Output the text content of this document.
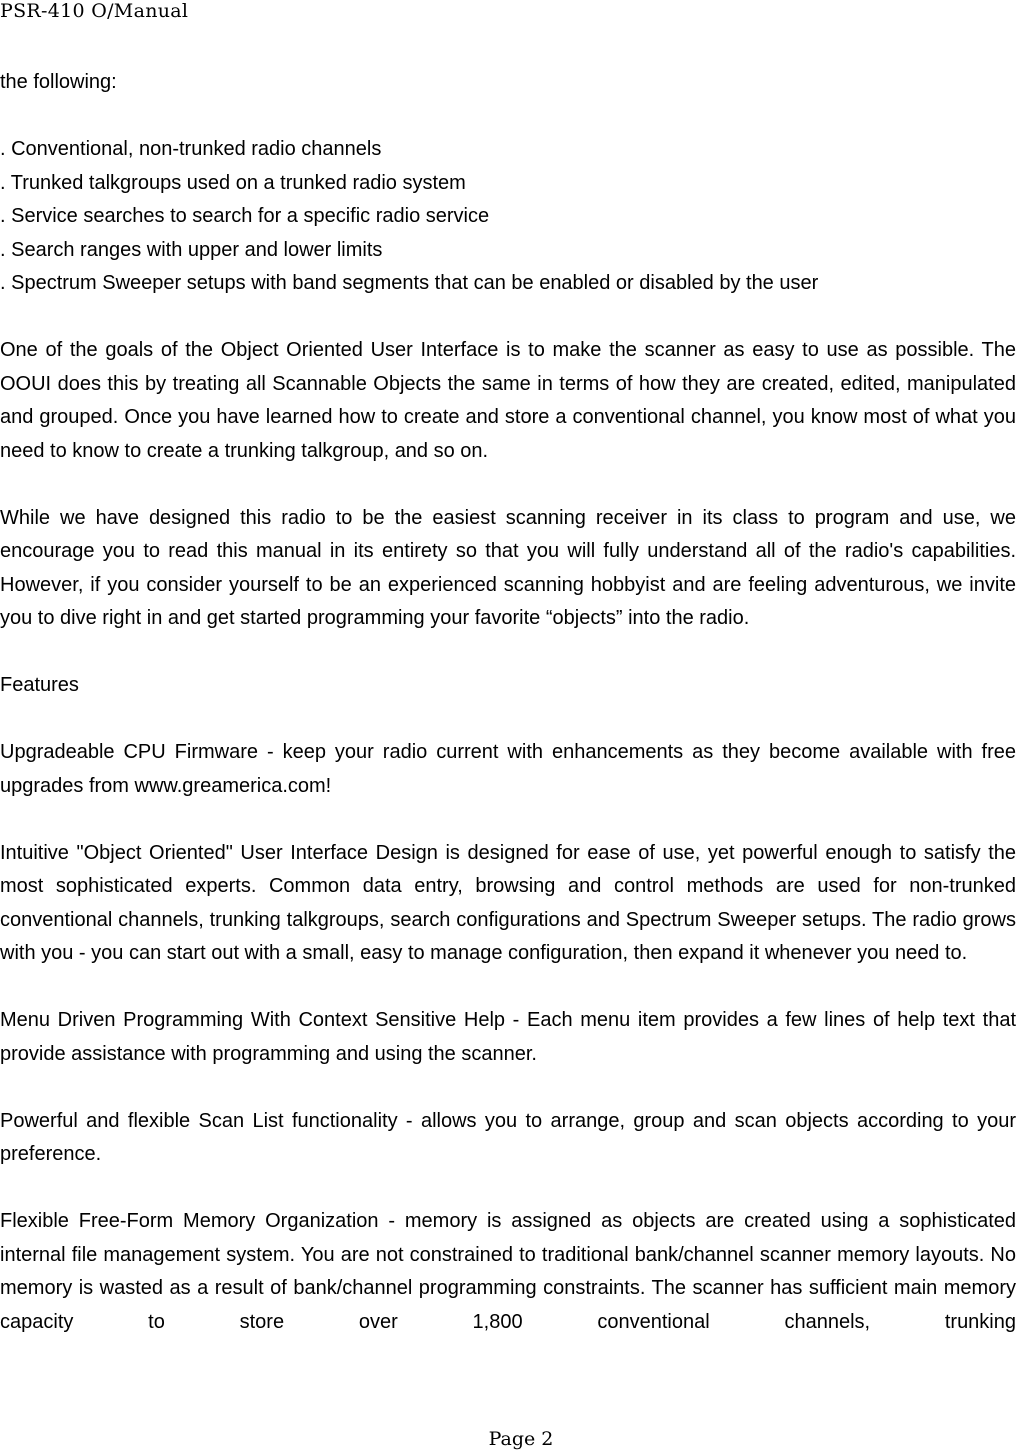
PSR-410 O/Manual

the following:

. Conventional, non-trunked radio channels
. Trunked talkgroups used on a trunked radio system
. Service searches to search for a specific radio service
. Search ranges with upper and lower limits
. Spectrum Sweeper setups with band segments that can be enabled or disabled by the user

One of the goals of the Object Oriented User Interface is to make the scanner as easy to use as possible. The OOUI does this by treating all Scannable Objects the same in terms of how they are created, edited, manipulated and grouped. Once you have learned how to create and store a conventional channel, you know most of what you need to know to create a trunking talkgroup, and so on.

While we have designed this radio to be the easiest scanning receiver in its class to program and use, we encourage you to read this manual in its entirety so that you will fully understand all of the radio's capabilities. However, if you consider yourself to be an experienced scanning hobbyist and are feeling adventurous, we invite you to dive right in and get started programming your favorite “objects” into the radio.

Features

Upgradeable CPU Firmware - keep your radio current with enhancements as they become available with free upgrades from www.greamerica.com!

Intuitive "Object Oriented" User Interface Design is designed for ease of use, yet powerful enough to satisfy the most sophisticated experts. Common data entry, browsing and control methods are used for non-trunked conventional channels, trunking talkgroups, search configurations and Spectrum Sweeper setups. The radio grows with you - you can start out with a small, easy to manage configuration, then expand it whenever you need to.

Menu Driven Programming With Context Sensitive Help - Each menu item provides a few lines of help text that provide assistance with programming and using the scanner.

Powerful and flexible Scan List functionality - allows you to arrange, group and scan objects according to your preference.

Flexible Free-Form Memory Organization - memory is assigned as objects are created using a sophisticated internal file management system. You are not constrained to traditional bank/channel scanner memory layouts. No memory is wasted as a result of bank/channel programming constraints. The scanner has sufficient main memory capacity to store over 1,800 conventional channels, trunking

Page 2
